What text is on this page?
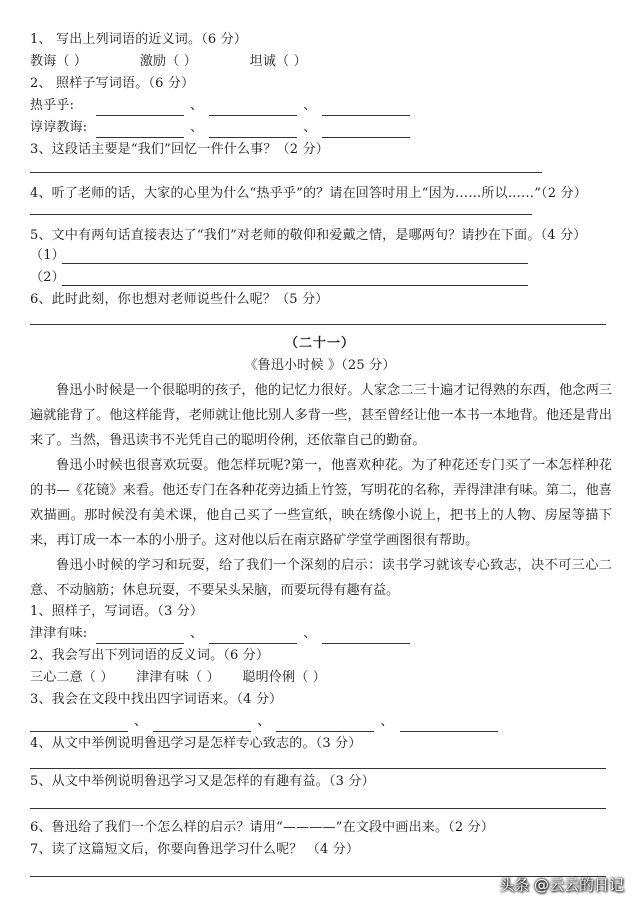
1、 写出上列词语的近义词。（6 分）
教诲（ ）	激励（ ）	坦诚（ ）
2、 照样子写词语。（6 分）
热乎乎:	、	、
谆谆教诲:	、	、
3、这段话主要是“我们”回忆一件什么事？（2 分）
4、听了老师的话，大家的心里为什么“热乎乎”的？请在回答时用上“因为……所以……”（2 分）
5、文中有两句话直接表达了“我们”对老师的敬仰和爱戴之情，是哪两句？请抄在下面。（4 分）
（1）
（2）
6、此时此刻，你也想对老师说些什么呢？（5 分）
（二十一）
《鲁迅小时候 》（25 分）
鲁迅小时候是一个很聪明的孩子，他的记忆力很好。人家念二三十遍才记得熟的东西，他念两三遍就能背了。他这样能背，老师就让他比别人多背一些，甚至曾经让他一本书一本地背。他还是背出来了。当然，鲁迅读书不光凭自己的聪明伶俐，还依靠自己的勤奋。
鲁迅小时候也很喜欢玩耍。他怎样玩呢?第一，他喜欢种花。为了种花还专门买了一本怎样种花的书—《花镜》来看。他还专门在各种花旁边插上竹签，写明花的名称，弄得津津有味。第二，他喜欢描画。那时候没有美术课，他自己买了一些宣纸，映在绣像小说上，把书上的人物、房屋等描下来，再订成一本一本的小册子。这对他以后在南京路矿学堂学画图很有帮助。
鲁迅小时候的学习和玩耍，给了我们一个深刻的启示：读书学习就该专心致志，决不可三心二意、不动脑筋；休息玩耍，不要呆头呆脑，而要玩得有趣有益。
1、照样子，写词语。（3 分）
津津有味:	、	、
2、我会写出下列词语的反义词。（6 分）
三心二意（ ） 津津有味（ ） 聪明伶俐（ ）
3、我会在文段中找出四字词语来。（4 分）
、	、	、
4、从文中举例说明鲁迅学习是怎样专心致志的。（3 分）
5、从文中举例说明鲁迅学习又是怎样的有趣有益。（3 分）
6、鲁迅给了我们一个怎么样的启示？请用“————”在文段中画出来。（2 分）
7、读了这篇短文后，你要向鲁迅学习什么呢？ （4 分）
头条 @云云的日记
